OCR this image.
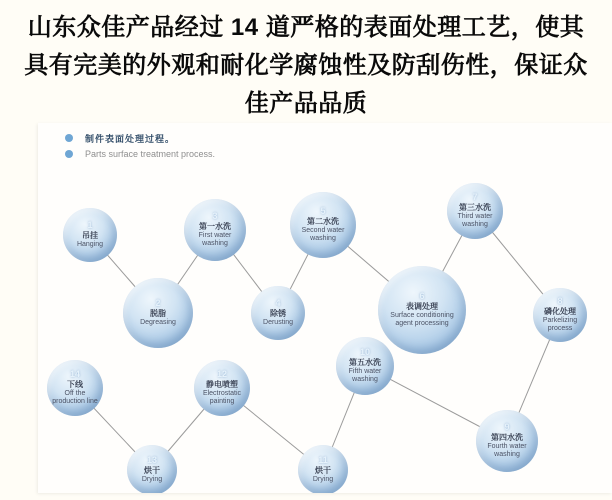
山东众佳产品经过 14 道严格的表面处理工艺，使其
具有完美的外观和耐化学腐蚀性及防刮伤性，保证众
佳产品品质
制件表面处理过程。
Parts surface treatment process.
1
吊挂
Hanging
2
脱脂
Degreasing
3
第一水洗
First water washing
4
除锈
Derusting
5
第二水洗
Second water washing
6
表调处理
Surface conditioning agent processing
7
第三水洗
Third water washing
8
磷化处理
Parkelizing process
9
第四水洗
Fourth water washing
10
第五水洗
Fifth water washing
11
烘干
Drying
12
静电喷塑
Electrostatic painting
13
烘干
Drying
14
下线
Off the production line
